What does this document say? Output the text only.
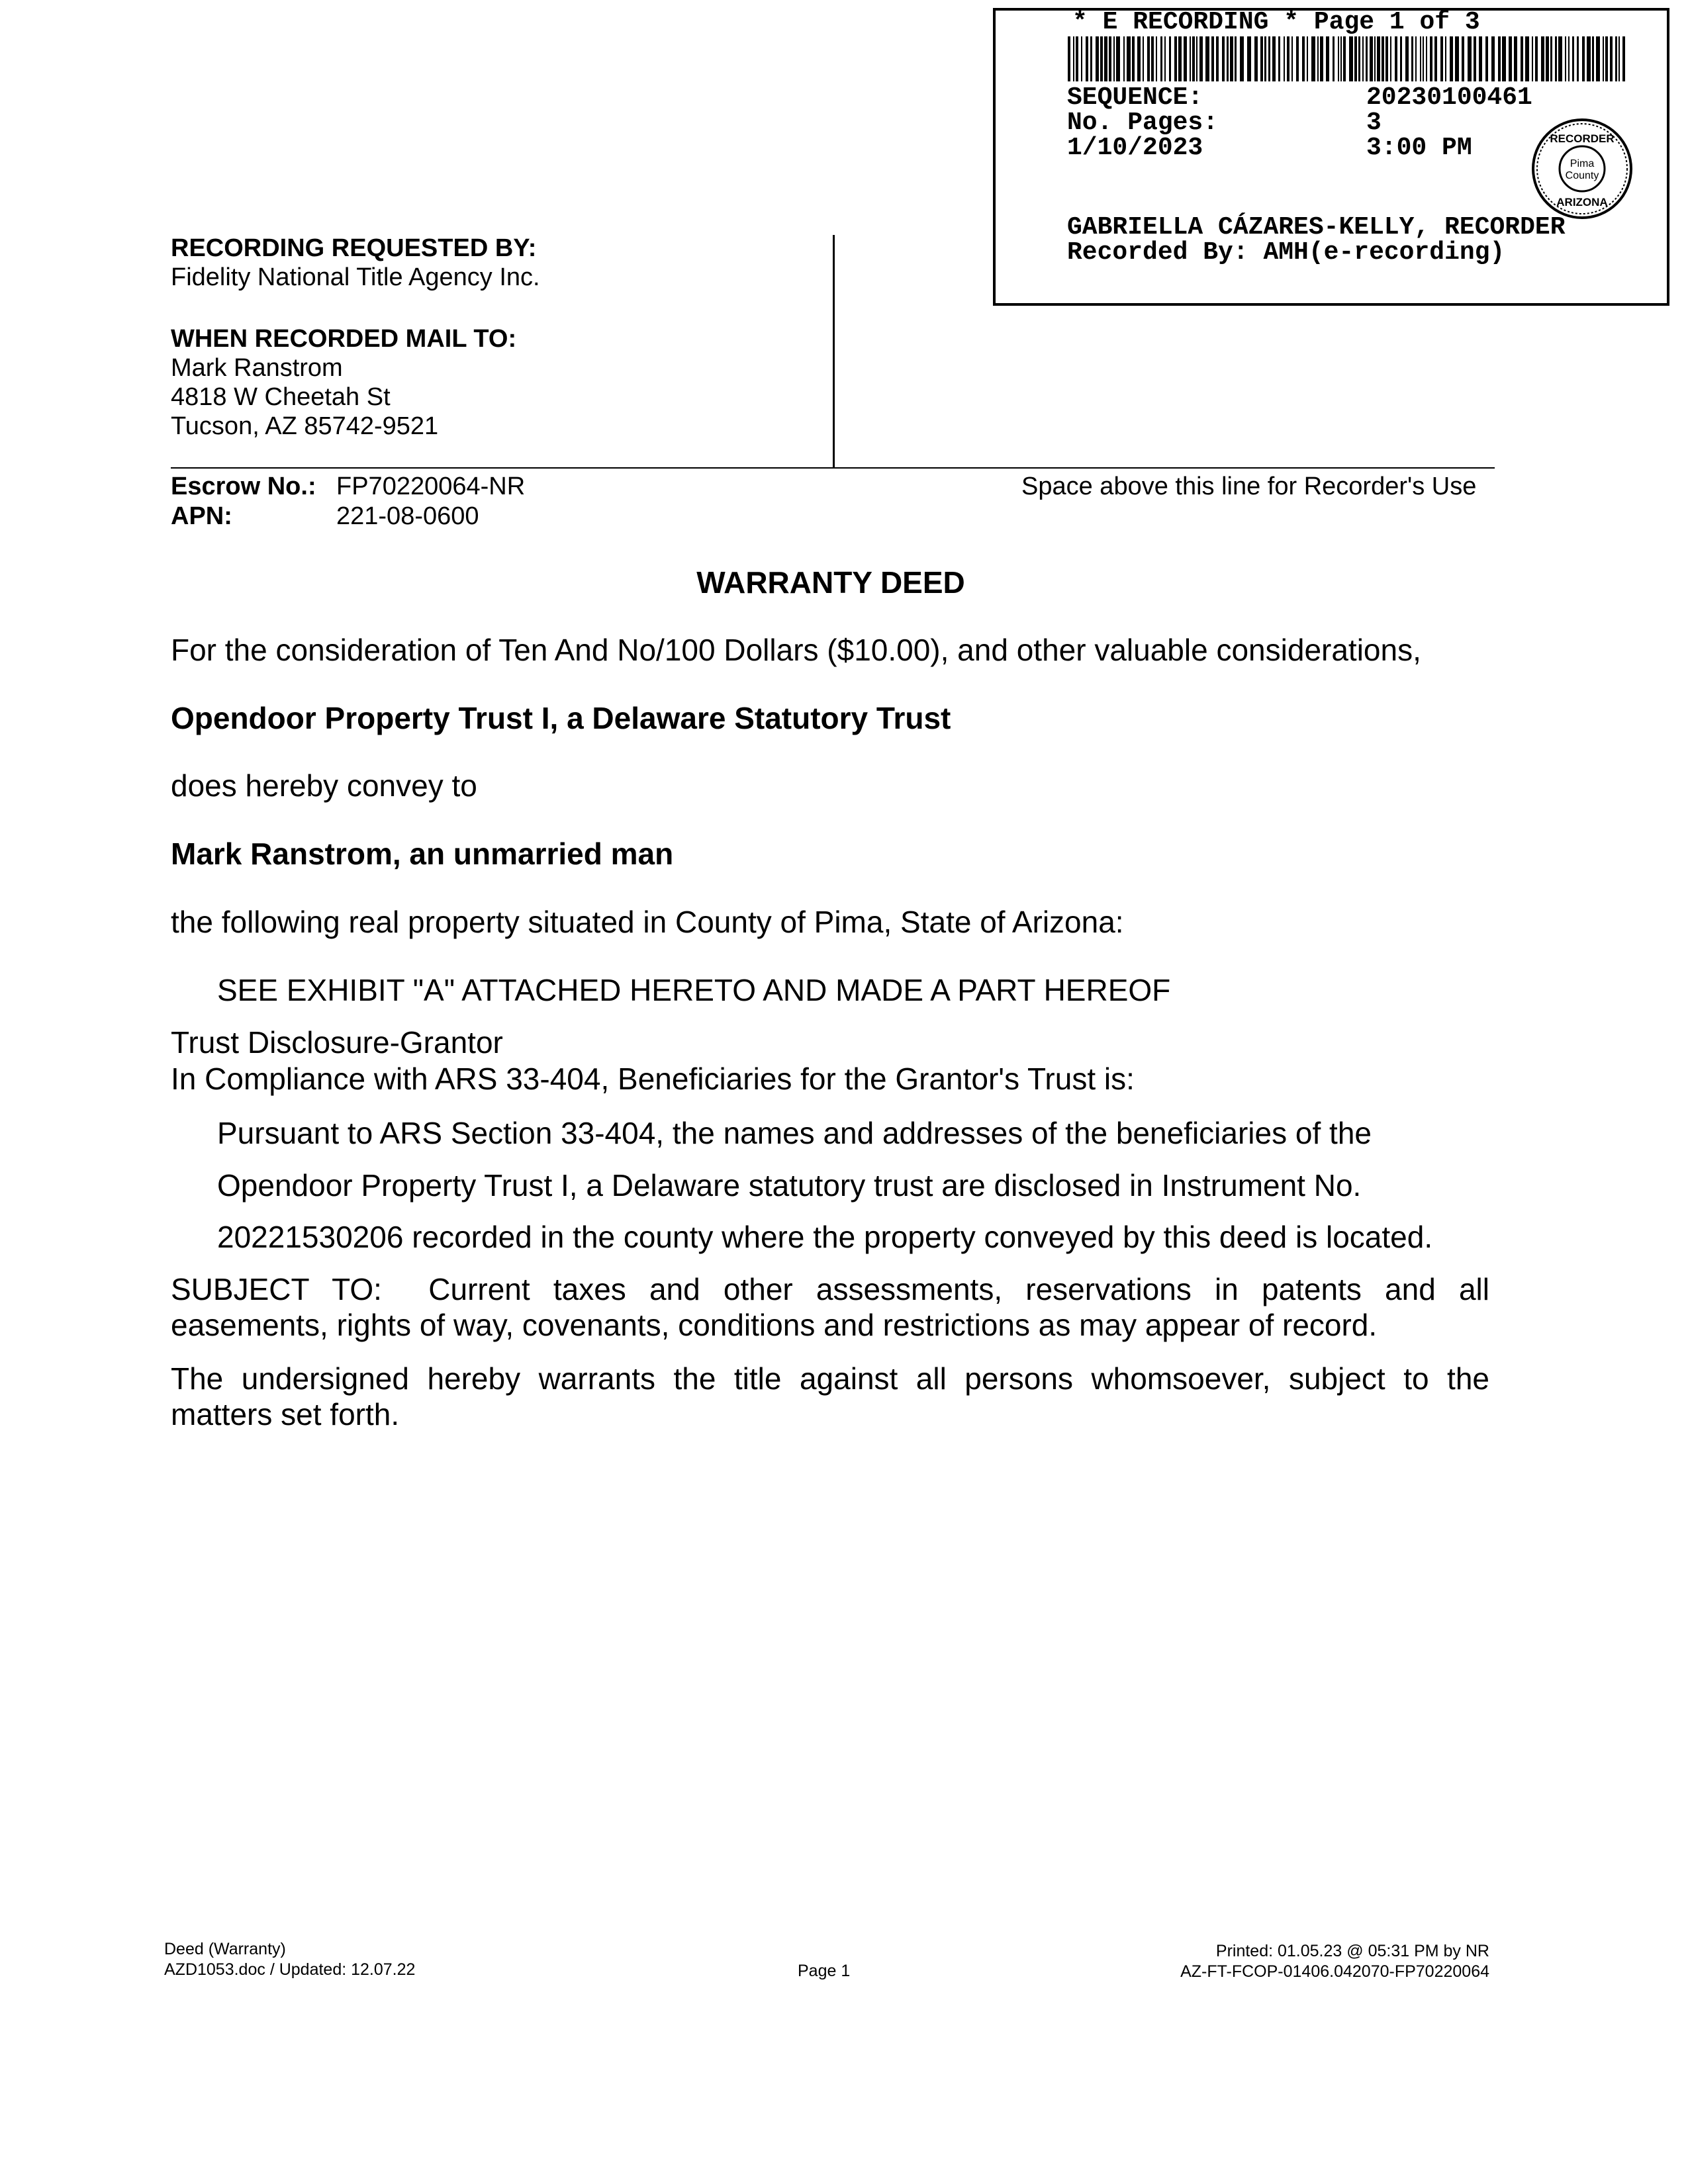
* E RECORDING * Page 1 of 3
SEQUENCE:	20230100461
No. Pages:	3
1/10/2023	3:00 PM
Pima
County
RECORDER
ARIZONA
GABRIELLA CÁZARES-KELLY, RECORDER
Recorded By: AMH(e-recording)
RECORDING REQUESTED BY:
Fidelity National Title Agency Inc.
WHEN RECORDED MAIL TO:
Mark Ranstrom
4818 W Cheetah St
Tucson, AZ 85742-9521
Escrow No.: FP70220064-NR
APN:	221-08-0600
Space above this line for Recorder's Use
WARRANTY DEED
For the consideration of Ten And No/100 Dollars ($10.00), and other valuable considerations,
Opendoor Property Trust I, a Delaware Statutory Trust
does hereby convey to
Mark Ranstrom, an unmarried man
the following real property situated in County of Pima, State of Arizona:
SEE EXHIBIT "A" ATTACHED HERETO AND MADE A PART HEREOF
Trust Disclosure-Grantor
In Compliance with ARS 33-404, Beneficiaries for the Grantor's Trust is:
Pursuant to ARS Section 33-404, the names and addresses of the beneficiaries of the
Opendoor Property Trust I, a Delaware statutory trust are disclosed in Instrument No.
20221530206 recorded in the county where the property conveyed by this deed is located.
SUBJECT TO:  Current taxes and other assessments, reservations in patents and all
easements, rights of way, covenants, conditions and restrictions as may appear of record.
The undersigned hereby warrants the title against all persons whomsoever, subject to the
matters set forth.
Deed (Warranty)
AZD1053.doc / Updated: 12.07.22	Page 1
Printed: 01.05.23 @ 05:31 PM by NR
AZ-FT-FCOP-01406.042070-FP70220064
